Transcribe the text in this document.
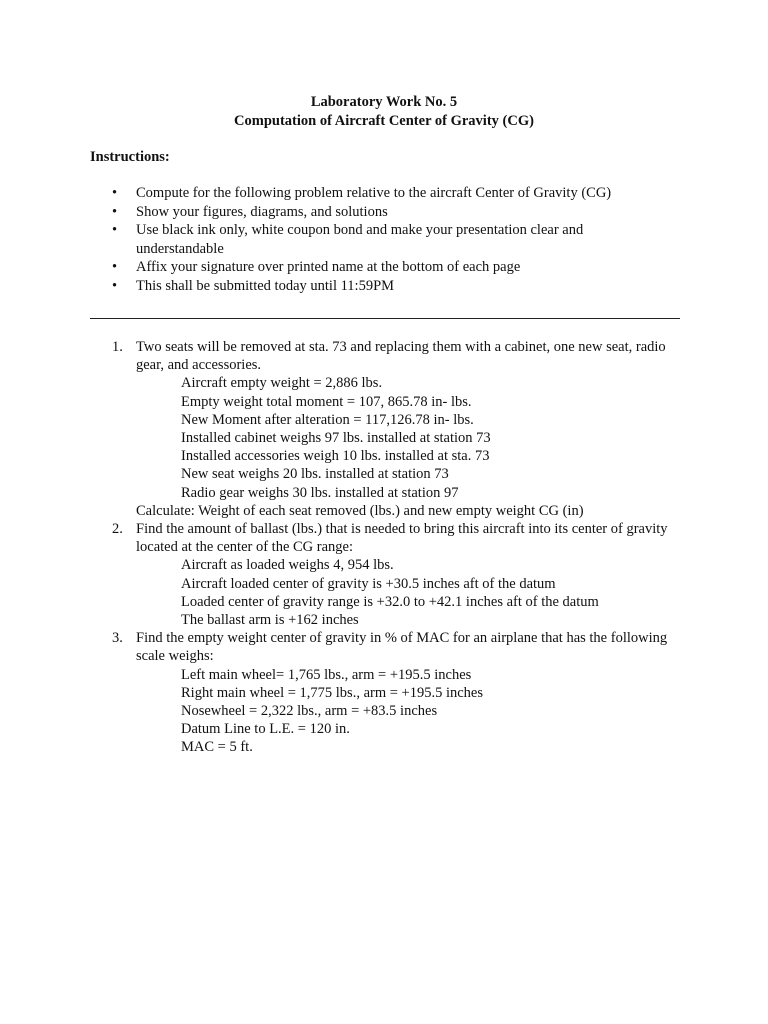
Laboratory Work No. 5
Computation of Aircraft Center of Gravity (CG)
Instructions:
• Compute for the following problem relative to the aircraft Center of Gravity (CG)
• Show your figures, diagrams, and solutions
• Use black ink only, white coupon bond and make your presentation clear and understandable
• Affix your signature over printed name at the bottom of each page
• This shall be submitted today until 11:59PM
1. Two seats will be removed at sta. 73 and replacing them with a cabinet, one new seat, radio gear, and accessories.
Aircraft empty weight = 2,886 lbs.
Empty weight total moment = 107, 865.78 in- lbs.
New Moment after alteration = 117,126.78 in- lbs.
Installed cabinet weighs 97 lbs. installed at station 73
Installed accessories weigh 10 lbs. installed at sta. 73
New seat weighs 20 lbs. installed at station 73
Radio gear weighs 30 lbs. installed at station 97
Calculate: Weight of each seat removed (lbs.) and new empty weight CG (in)
2. Find the amount of ballast (lbs.) that is needed to bring this aircraft into its center of gravity located at the center of the CG range:
Aircraft as loaded weighs 4, 954 lbs.
Aircraft loaded center of gravity is +30.5 inches aft of the datum
Loaded center of gravity range is +32.0 to +42.1 inches aft of the datum
The ballast arm is +162 inches
3. Find the empty weight center of gravity in % of MAC for an airplane that has the following scale weighs:
Left main wheel= 1,765 lbs., arm = +195.5 inches
Right main wheel = 1,775 lbs., arm = +195.5 inches
Nosewheel = 2,322 lbs., arm = +83.5 inches
Datum Line to L.E. = 120 in.
MAC = 5 ft.
